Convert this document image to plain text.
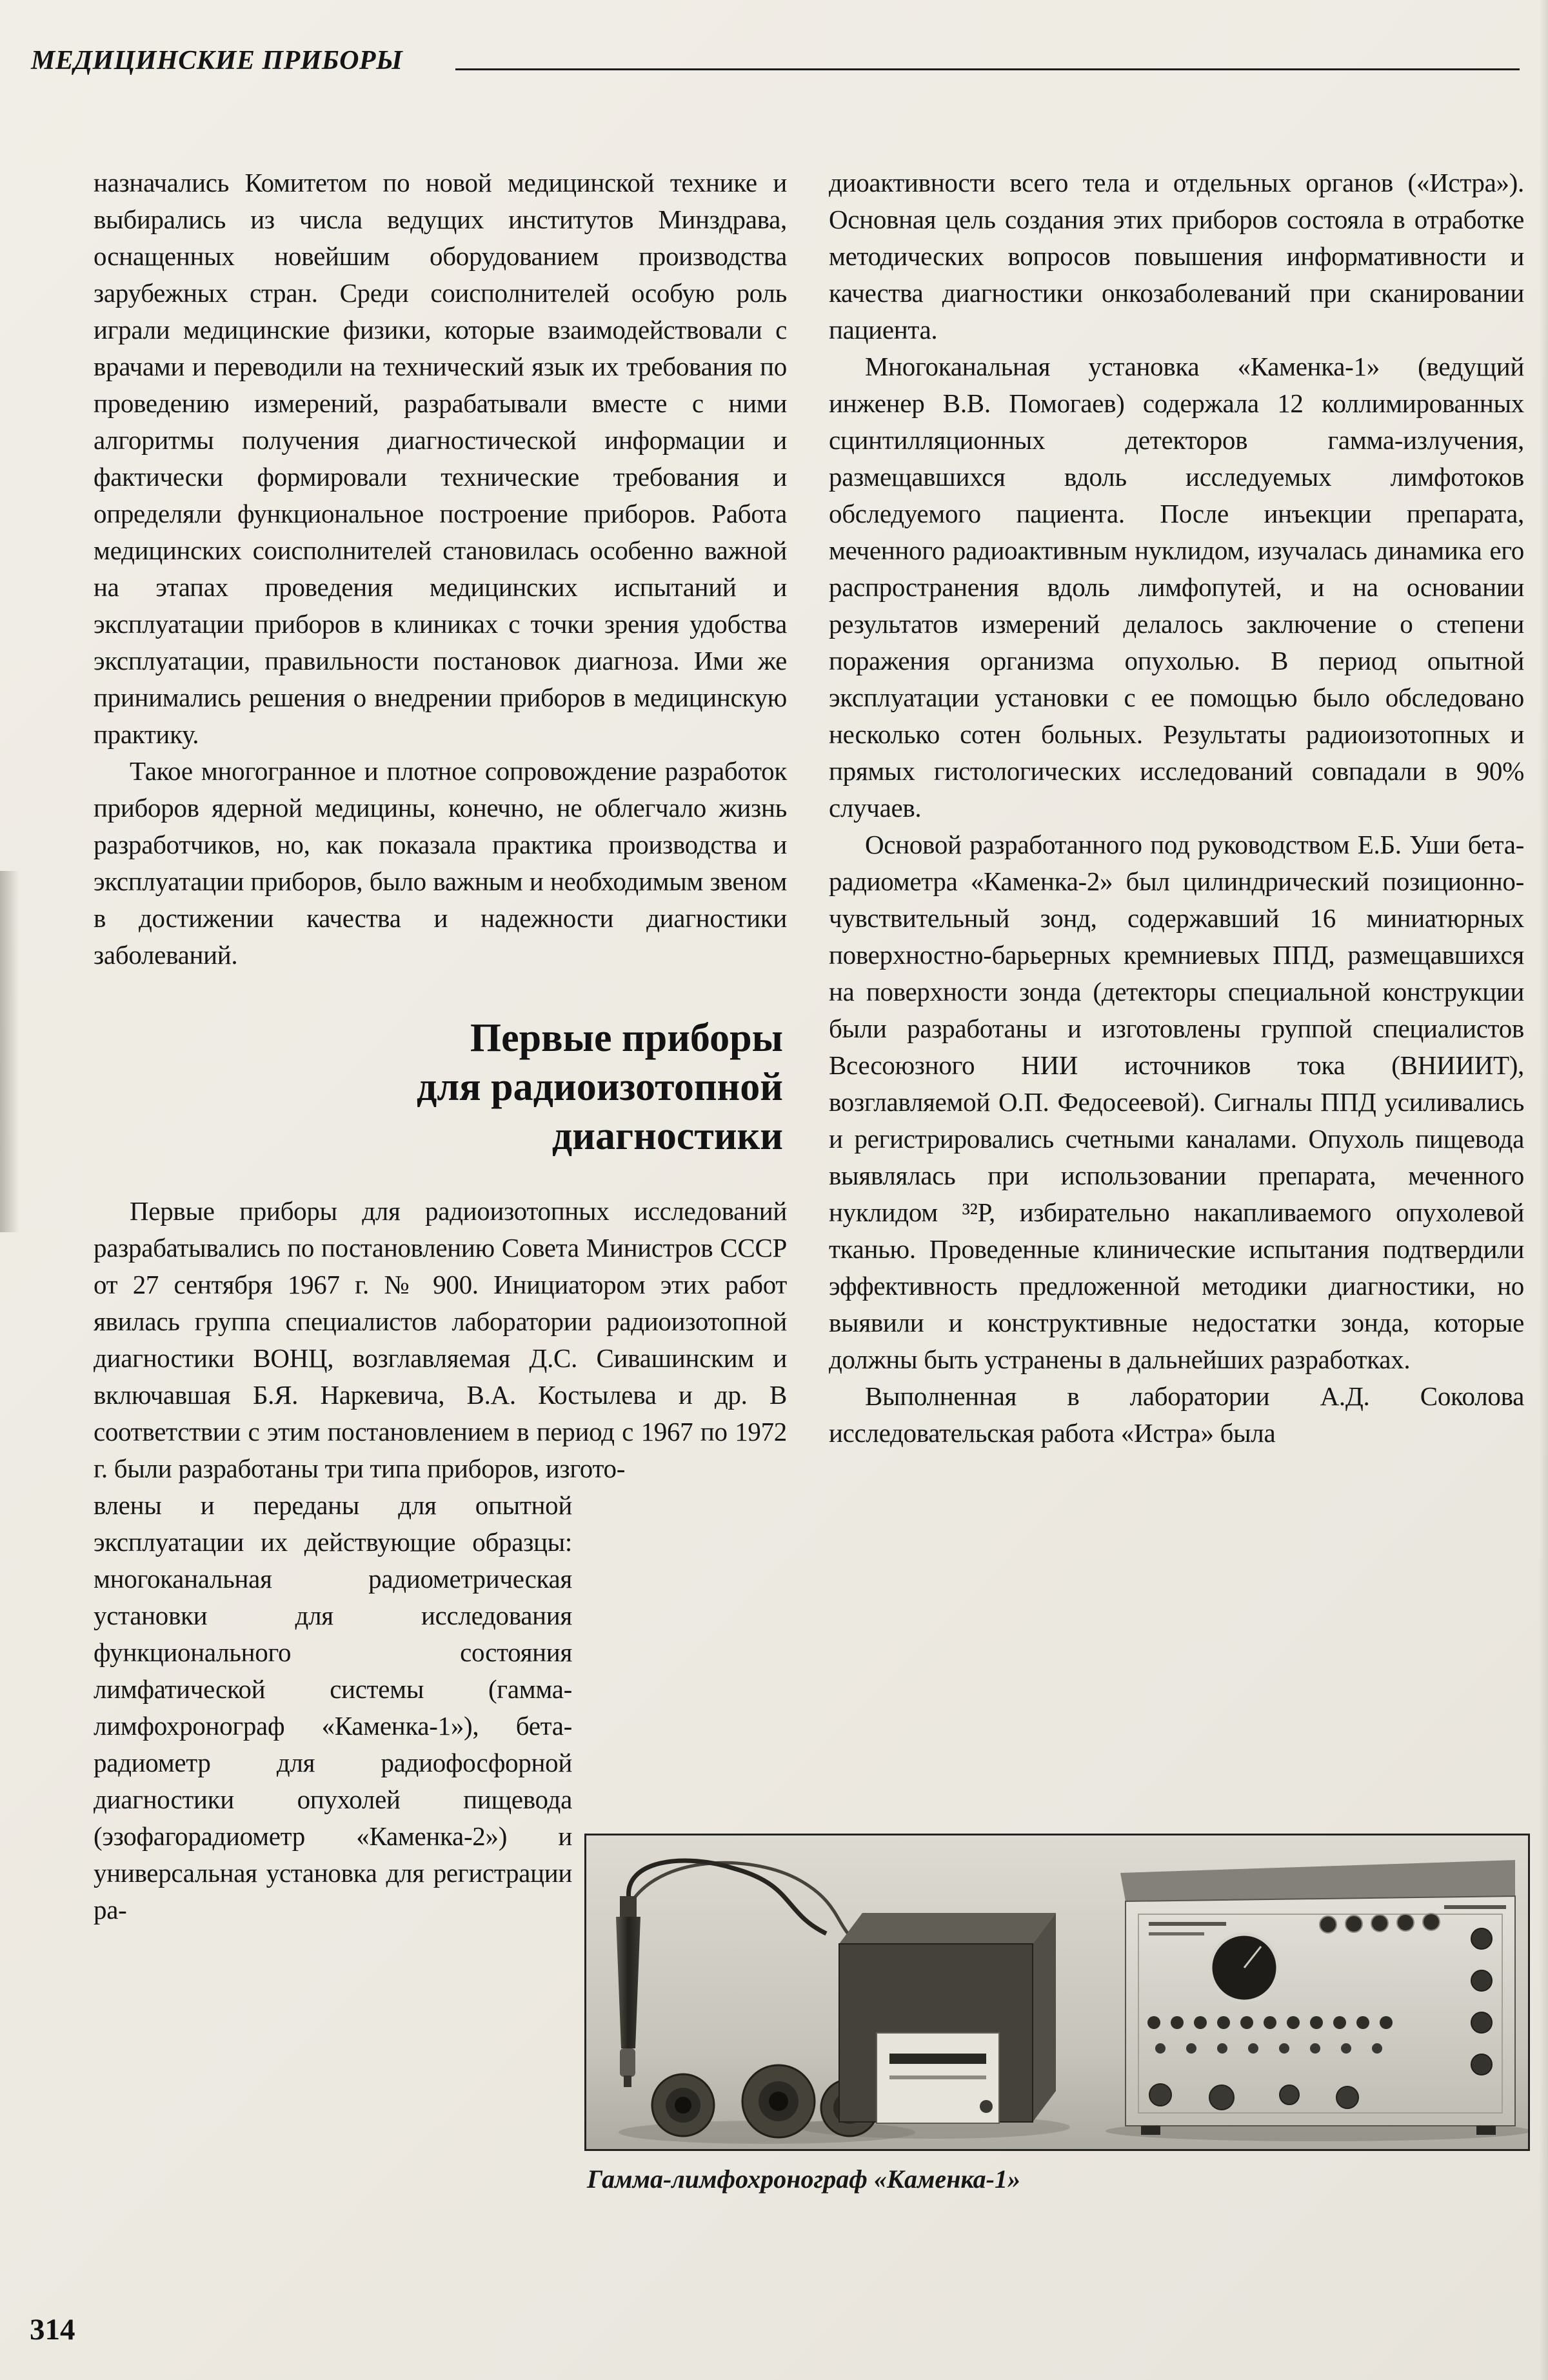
МЕДИЦИНСКИЕ ПРИБОРЫ

назначались Комитетом по новой медицинской технике и выбирались из числа ведущих институтов Минздрава, оснащенных новейшим оборудованием производства зарубежных стран. Среди соисполнителей особую роль играли медицинские физики, которые взаимодействовали с врачами и переводили на технический язык их требования по проведению измерений, разрабатывали вместе с ними алгоритмы получения диагностической информации и фактически формировали технические требования и определяли функциональное построение приборов. Работа медицинских соисполнителей становилась особенно важной на этапах проведения медицинских испытаний и эксплуатации приборов в клиниках с точки зрения удобства эксплуатации, правильности постановок диагноза. Ими же принимались решения о внедрении приборов в медицинскую практику.

Такое многогранное и плотное сопровождение разработок приборов ядерной медицины, конечно, не облегчало жизнь разработчиков, но, как показала практика производства и эксплуатации приборов, было важным и необходимым звеном в достижении качества и надежности диагностики заболеваний.

Первые приборы
для радиоизотопной
диагностики

Первые приборы для радиоизотопных исследований разрабатывались по постановлению Совета Министров СССР от 27 сентября 1967 г. № 900. Инициатором этих работ явилась группа специалистов лаборатории радиоизотопной диагностики ВОНЦ, возглавляемая Д.С. Сивашинским и включавшая Б.Я. Наркевича, В.А. Костылева и др. В соответствии с этим постановлением в период с 1967 по 1972 г. были разработаны три типа приборов, изгото-

влены и переданы для опытной эксплуатации их действующие образцы: многоканальная радиометрическая установки для исследования функционального состояния лимфатической системы (гамма-лимфохронограф «Каменка-1»), бета-радиометр для радиофосфорной диагностики опухолей пищевода (эзофагорадиометр «Каменка-2») и универсальная установка для регистрации ра-

диоактивности всего тела и отдельных органов («Истра»). Основная цель создания этих приборов состояла в отработке методических вопросов повышения информативности и качества диагностики онкозаболеваний при сканировании пациента.

Многоканальная установка «Каменка-1» (ведущий инженер В.В. Помогаев) содержала 12 коллимированных сцинтилляционных детекторов гамма-излучения, размещавшихся вдоль исследуемых лимфотоков обследуемого пациента. После инъекции препарата, меченного радиоактивным нуклидом, изучалась динамика его распространения вдоль лимфопутей, и на основании результатов измерений делалось заключение о степени поражения организма опухолью. В период опытной эксплуатации установки с ее помощью было обследовано несколько сотен больных. Результаты радиоизотопных и прямых гистологических исследований совпадали в 90% случаев.

Основой разработанного под руководством Е.Б. Уши бета-радиометра «Каменка-2» был цилиндрический позиционно-чувствительный зонд, содержавший 16 миниатюрных поверхностно-барьерных кремниевых ППД, размещавшихся на поверхности зонда (детекторы специальной конструкции были разработаны и изготовлены группой специалистов Всесоюзного НИИ источников тока (ВНИИИТ), возглавляемой О.П. Федосеевой). Сигналы ППД усиливались и регистрировались счетными каналами. Опухоль пищевода выявлялась при использовании препарата, меченного нуклидом ³²Р, избирательно накапливаемого опухолевой тканью. Проведенные клинические испытания подтвердили эффективность предложенной методики диагностики, но выявили и конструктивные недостатки зонда, которые должны быть устранены в дальнейших разработках.

Выполненная в лаборатории А.Д. Соколова исследовательская работа «Истра» была

Гамма-лимфохронограф «Каменка-1»
314
